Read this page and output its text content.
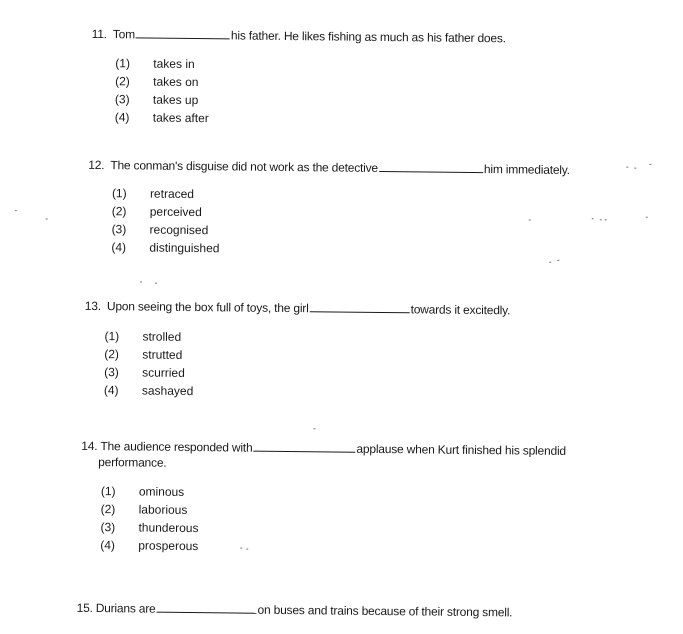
11. Tom	his father. He likes fishing as much as his father does.
(1) takes in
(2) takes on
(3) takes up
(4) takes after
12. The conman's disguise did not work as the detective	him immediately.
(1) retraced
(2) perceived
(3) recognised
(4) distinguished
13. Upon seeing the box full of toys, the girl	towards it excitedly.
(1) strolled
(2) strutted
(3) scurried
(4) sashayed
14. The audience responded with	applause when Kurt finished his splendid
performance.
(1) ominous
(2) laborious
(3) thunderous
(4) prosperous
15. Durians are	on buses and trains because of their strong smell.
